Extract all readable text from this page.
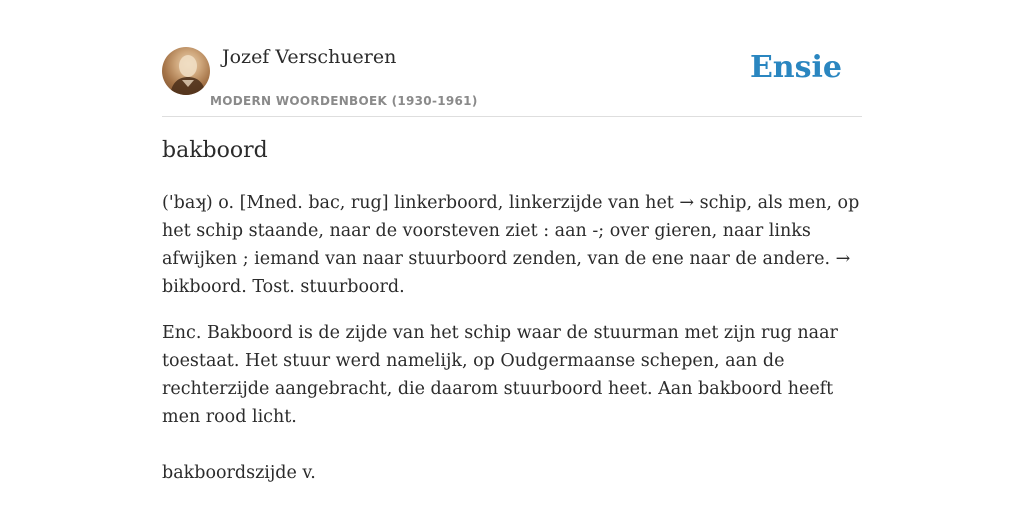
Jozef Verschueren
MODERN WOORDENBOEK (1930-1961)
Ensie
bakboord

('baʞ) o. [Mned. bac, rug] linkerboord, linkerzijde van het → schip, als men, op het schip staande, naar de voorsteven ziet : aan -; over gieren, naar links afwijken ; iemand van naar stuurboord zenden, van de ene naar de andere. → bikboord. Tost. stuurboord.

Enc. Bakboord is de zijde van het schip waar de stuurman met zijn rug naar toestaat. Het stuur werd namelijk, op Oudgermaanse schepen, aan de rechterzijde aangebracht, die daarom stuurboord heet. Aan bakboord heeft men rood licht.

bakboordszijde v.
